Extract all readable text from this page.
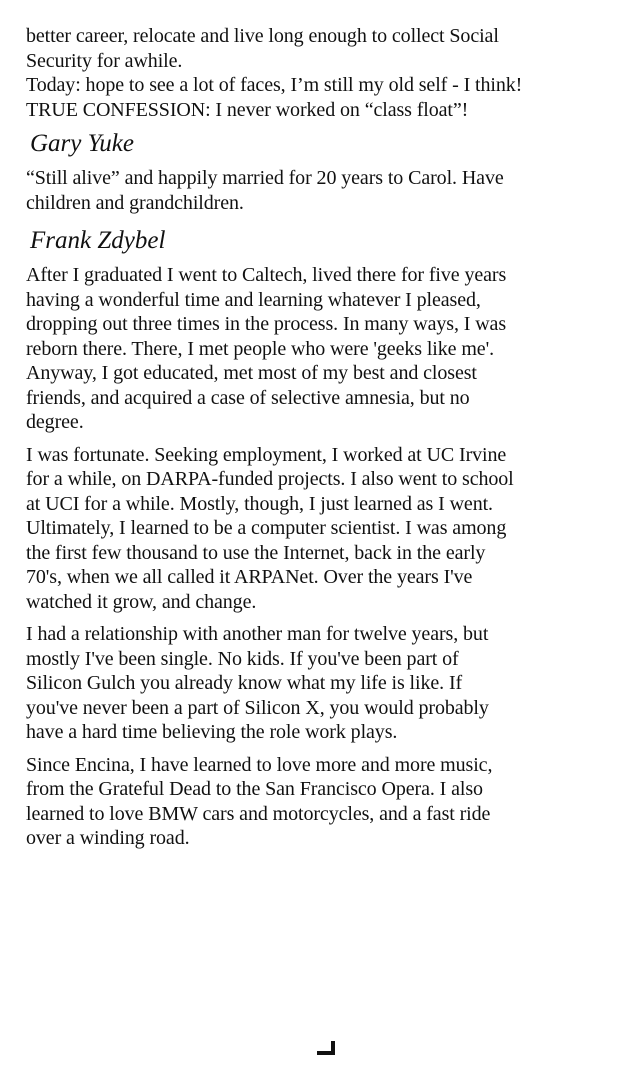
better career, relocate and live long enough to collect Social
Security for awhile.
Today: hope to see a lot of faces, I’m still my old self - I think!
TRUE CONFESSION: I never worked on “class float”!
Gary Yuke
“Still alive” and happily married for 20 years to Carol. Have
children and grandchildren.
Frank Zdybel
After I graduated I went to Caltech, lived there for five years
having a wonderful time and learning whatever I pleased,
dropping out three times in the process. In many ways, I was
reborn there. There, I met people who were 'geeks like me'.
Anyway, I got educated, met most of my best and closest
friends, and acquired a case of selective amnesia, but no
degree.
I was fortunate. Seeking employment, I worked at UC Irvine
for a while, on DARPA-funded projects. I also went to school
at UCI for a while. Mostly, though, I just learned as I went.
Ultimately, I learned to be a computer scientist. I was among
the first few thousand to use the Internet, back in the early
70's, when we all called it ARPANet. Over the years I've
watched it grow, and change.
I had a relationship with another man for twelve years, but
mostly I've been single. No kids. If you've been part of
Silicon Gulch you already know what my life is like. If
you've never been a part of Silicon X, you would probably
have a hard time believing the role work plays.
Since Encina, I have learned to love more and more music,
from the Grateful Dead to the San Francisco Opera. I also
learned to love BMW cars and motorcycles, and a fast ride
over a winding road.
